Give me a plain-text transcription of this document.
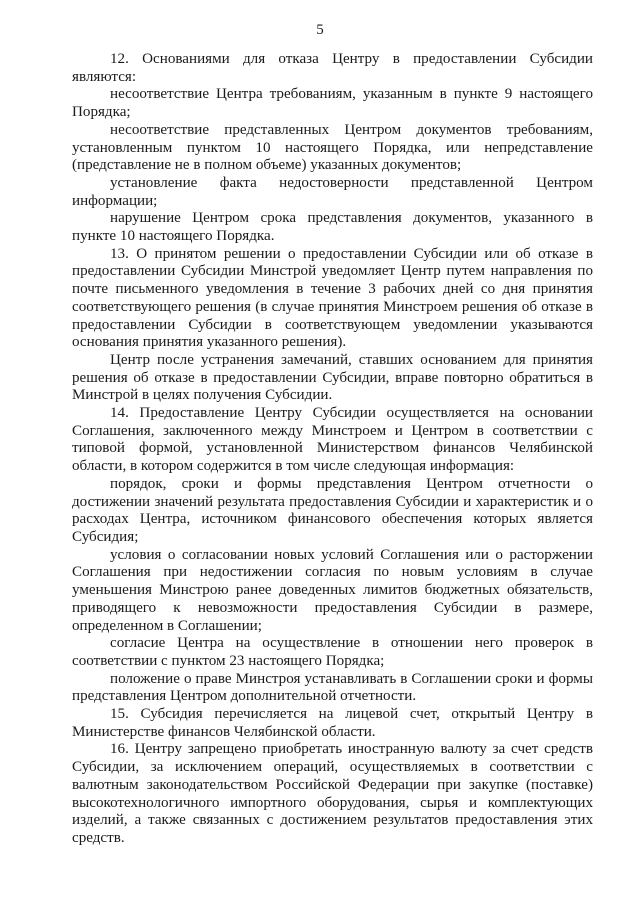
5

12. Основаниями для отказа Центру в предоставлении Субсидии являются:

несоответствие Центра требованиям, указанным в пункте 9 настоящего Порядка;

несоответствие представленных Центром документов требованиям, установленным пунктом 10 настоящего Порядка, или непредставление (представление не в полном объеме) указанных документов;

установление факта недостоверности представленной Центром информации;

нарушение Центром срока представления документов, указанного в пункте 10 настоящего Порядка.

13. О принятом решении о предоставлении Субсидии или об отказе в предоставлении Субсидии Минстрой уведомляет Центр путем направления по почте письменного уведомления в течение 3 рабочих дней со дня принятия соответствующего решения (в случае принятия Минстроем решения об отказе в предоставлении Субсидии в соответствующем уведомлении указываются основания принятия указанного решения).

Центр после устранения замечаний, ставших основанием для принятия решения об отказе в предоставлении Субсидии, вправе повторно обратиться в Минстрой в целях получения Субсидии.

14. Предоставление Центру Субсидии осуществляется на основании Соглашения, заключенного между Минстроем и Центром в соответствии с типовой формой, установленной Министерством финансов Челябинской области, в котором содержится в том числе следующая информация:

порядок, сроки и формы представления Центром отчетности о достижении значений результата предоставления Субсидии и характеристик и о расходах Центра, источником финансового обеспечения которых является Субсидия;

условия о согласовании новых условий Соглашения или о расторжении Соглашения при недостижении согласия по новым условиям в случае уменьшения Минстрою ранее доведенных лимитов бюджетных обязательств, приводящего к невозможности предоставления Субсидии в размере, определенном в Соглашении;

согласие Центра на осуществление в отношении него проверок в соответствии с пунктом 23 настоящего Порядка;

положение о праве Минстроя устанавливать в Соглашении сроки и формы представления Центром дополнительной отчетности.

15. Субсидия перечисляется на лицевой счет, открытый Центру в Министерстве финансов Челябинской области.

16. Центру запрещено приобретать иностранную валюту за счет средств Субсидии, за исключением операций, осуществляемых в соответствии с валютным законодательством Российской Федерации при закупке (поставке) высокотехнологичного импортного оборудования, сырья и комплектующих изделий, а также связанных с достижением результатов предоставления этих средств.
